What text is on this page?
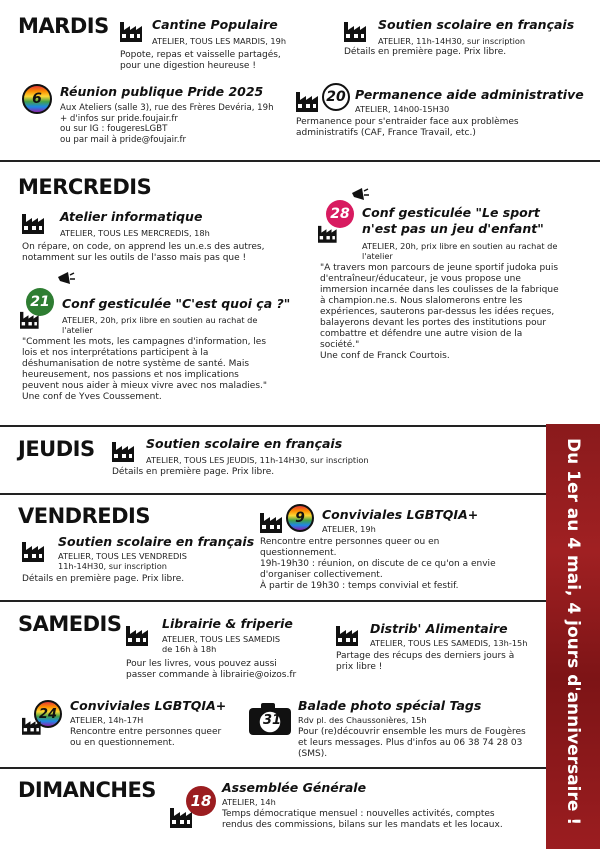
MARDIS	Cantine Populaire
ATELIER, TOUS LES MARDIS, 19h
Popote, repas et vaisselle partagés,
pour une digestion heureuse !
Soutien scolaire en français
ATELIER, 11h-14H30, sur inscription
Détails en première page. Prix libre.
6	Réunion publique Pride 2025
Aux Ateliers (salle 3), rue des Frères Devéria, 19h
+ d'infos sur pride.foujair.fr
ou sur IG : fougeresLGBT
ou par mail à pride@foujair.fr
20 Permanence aide administrative
ATELIER, 14h00-15H30
Permanence pour s'entraider face aux problèmes
administratifs (CAF, France Travail, etc.)
MERCREDIS
Atelier informatique
ATELIER, TOUS LES MERCREDIS, 18h
On répare, on code, on apprend les un.e.s des autres,
notamment sur les outils de l'asso mais pas que !
21 Conf gesticulée "C'est quoi ça ?"
ATELIER, 20h, prix libre en soutien au rachat de
l'atelier
"Comment les mots, les campagnes d'information, les
lois et nos interprétations participent à la
déshumanisation de notre système de santé. Mais
heureusement, nos passions et nos implications
peuvent nous aider à mieux vivre avec nos maladies."
Une conf de Yves Coussement.
28 Conf gesticulée "Le sport
n'est pas un jeu d'enfant"
ATELIER, 20h, prix libre en soutien au rachat de
l'atelier
"A travers mon parcours de jeune sportif judoka puis
d'entraîneur/éducateur, je vous propose une
immersion incarnée dans les coulisses de la fabrique
à champion.ne.s. Nous slalomerons entre les
expériences, sauterons par-dessus les idées reçues,
balayerons devant les portes des institutions pour
combattre et défendre une autre vision de la
société."
Une conf de Franck Courtois.
JEUDIS	Soutien scolaire en français
ATELIER, TOUS LES JEUDIS, 11h-14H30, sur inscription
Détails en première page. Prix libre.
VENDREDIS
Soutien scolaire en français
ATELIER, TOUS LES VENDREDIS
11h-14H30, sur inscription
Détails en première page. Prix libre.
9	Conviviales LGBTQIA+
ATELIER, 19h
Rencontre entre personnes queer ou en
questionnement.
19h-19h30 : réunion, on discute de ce qu'on a envie
d'organiser collectivement.
À partir de 19h30 : temps convivial et festif.
SAMEDIS	Librairie & friperie
ATELIER, TOUS LES SAMEDIS
de 16h à 18h
Pour les livres, vous pouvez aussi
passer commande à librairie@oizos.fr
Distrib' Alimentaire
ATELIER, TOUS LES SAMEDIS, 13h-15h
Partage des récups des derniers jours à
prix libre !
24
Conviviales LGBTQIA+
ATELIER, 14h-17H
Rencontre entre personnes queer
ou en questionnement.
31
Balade photo spécial Tags
Rdv pl. des Chaussonières, 15h
Pour (re)découvrir ensemble les murs de Fougères
et leurs messages. Plus d'infos au 06 38 74 28 03
(SMS).
DIMANCHES	18
Assemblée Générale
ATELIER, 14h
Temps démocratique mensuel : nouvelles activités, comptes
rendus des commissions, bilans sur les mandats et les locaux.	Du 1er au 4 mai, 4 jours d'anniversaire !
